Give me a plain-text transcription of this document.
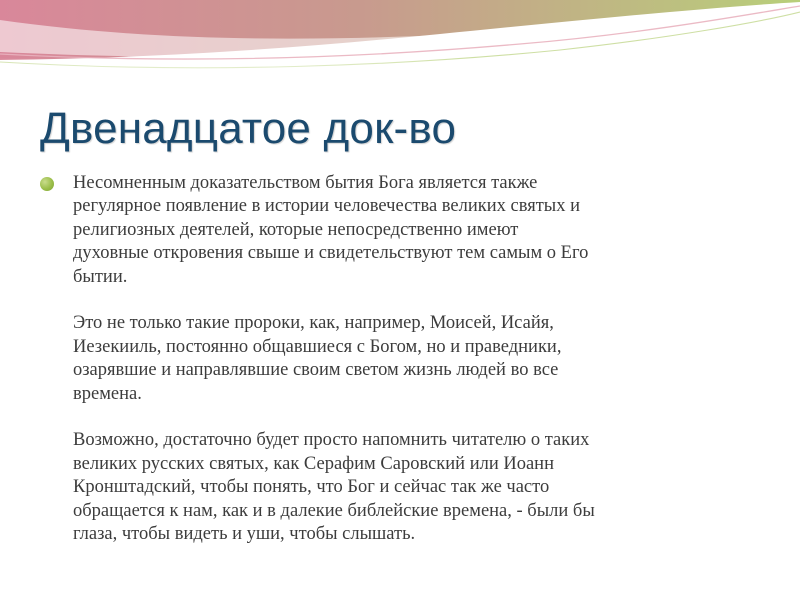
Двенадцатое док-во

Несомненным доказательством бытия Бога является также
регулярное появление в истории человечества великих святых и
религиозных деятелей, которые непосредственно имеют
духовные откровения свыше и свидетельствуют тем самым о Его
бытии.

Это не только такие пророки, как, например, Моисей, Исайя,
Иезекииль, постоянно общавшиеся с Богом, но и праведники,
озарявшие и направлявшие своим светом жизнь людей во все
времена.

Возможно, достаточно будет просто напомнить читателю о таких
великих русских святых, как Серафим Саровский или Иоанн
Кронштадский, чтобы понять, что Бог и сейчас так же часто
обращается к нам, как и в далекие библейские времена, - были бы
глаза, чтобы видеть и уши, чтобы слышать.
